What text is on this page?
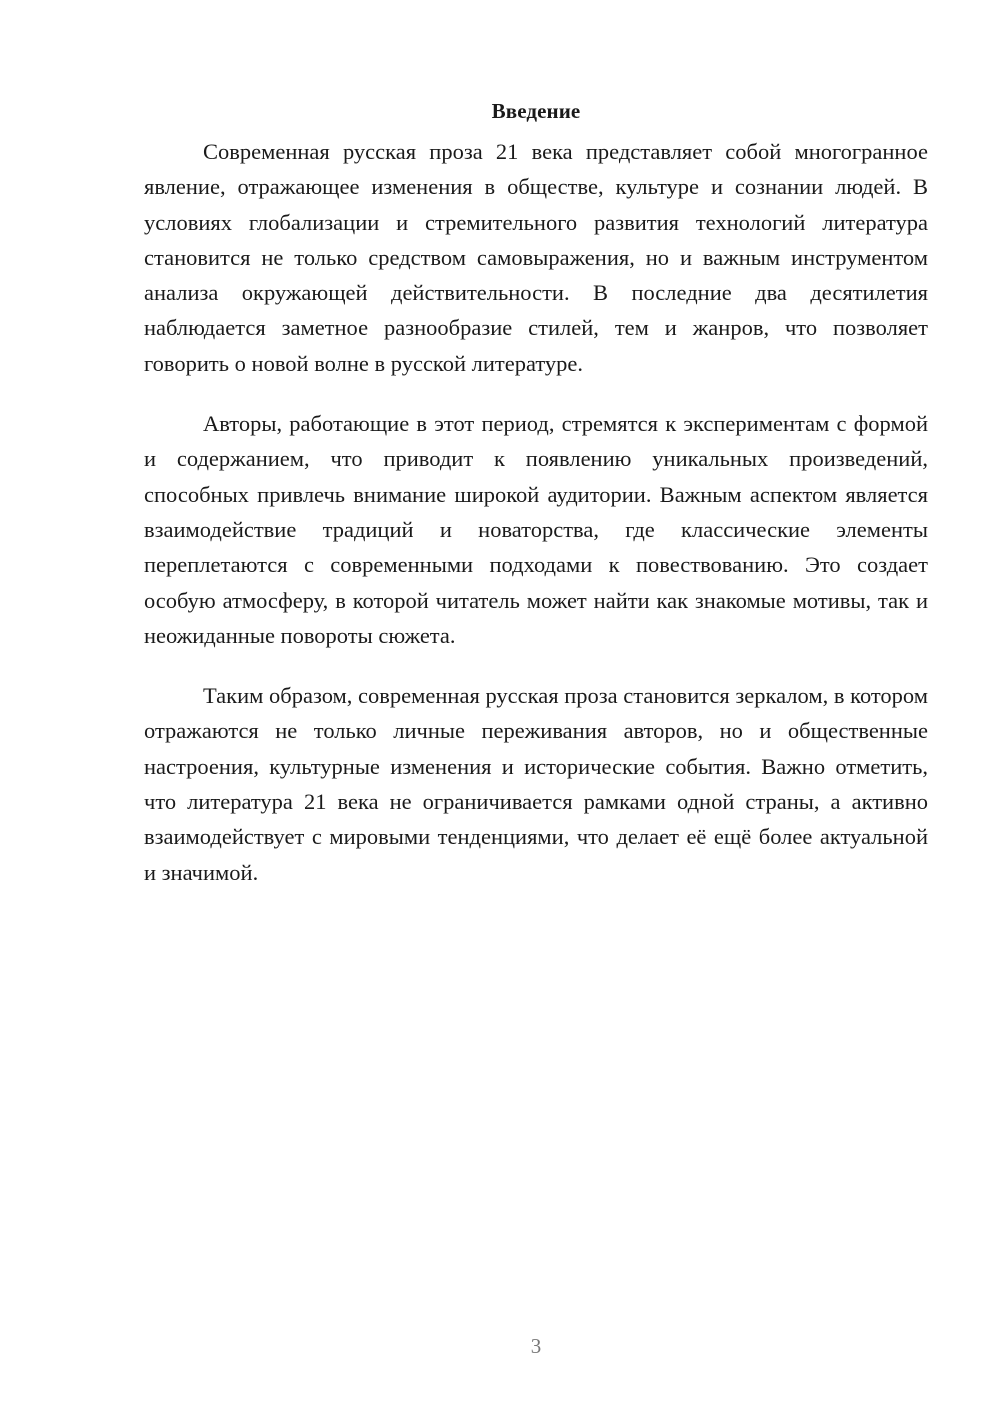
Введение

Современная русская проза 21 века представляет собой многогранное явление, отражающее изменения в обществе, культуре и сознании людей. В условиях глобализации и стремительного развития технологий литература становится не только средством самовыражения, но и важным инструментом анализа окружающей действительности. В последние два десятилетия наблюдается заметное разнообразие стилей, тем и жанров, что позволяет говорить о новой волне в русской литературе.

Авторы, работающие в этот период, стремятся к экспериментам с формой и содержанием, что приводит к появлению уникальных произведений, способных привлечь внимание широкой аудитории. Важным аспектом является взаимодействие традиций и новаторства, где классические элементы переплетаются с современными подходами к повествованию. Это создает особую атмосферу, в которой читатель может найти как знакомые мотивы, так и неожиданные повороты сюжета.

Таким образом, современная русская проза становится зеркалом, в котором отражаются не только личные переживания авторов, но и общественные настроения, культурные изменения и исторические события. Важно отметить, что литература 21 века не ограничивается рамками одной страны, а активно взаимодействует с мировыми тенденциями, что делает её ещё более актуальной и значимой.

3
